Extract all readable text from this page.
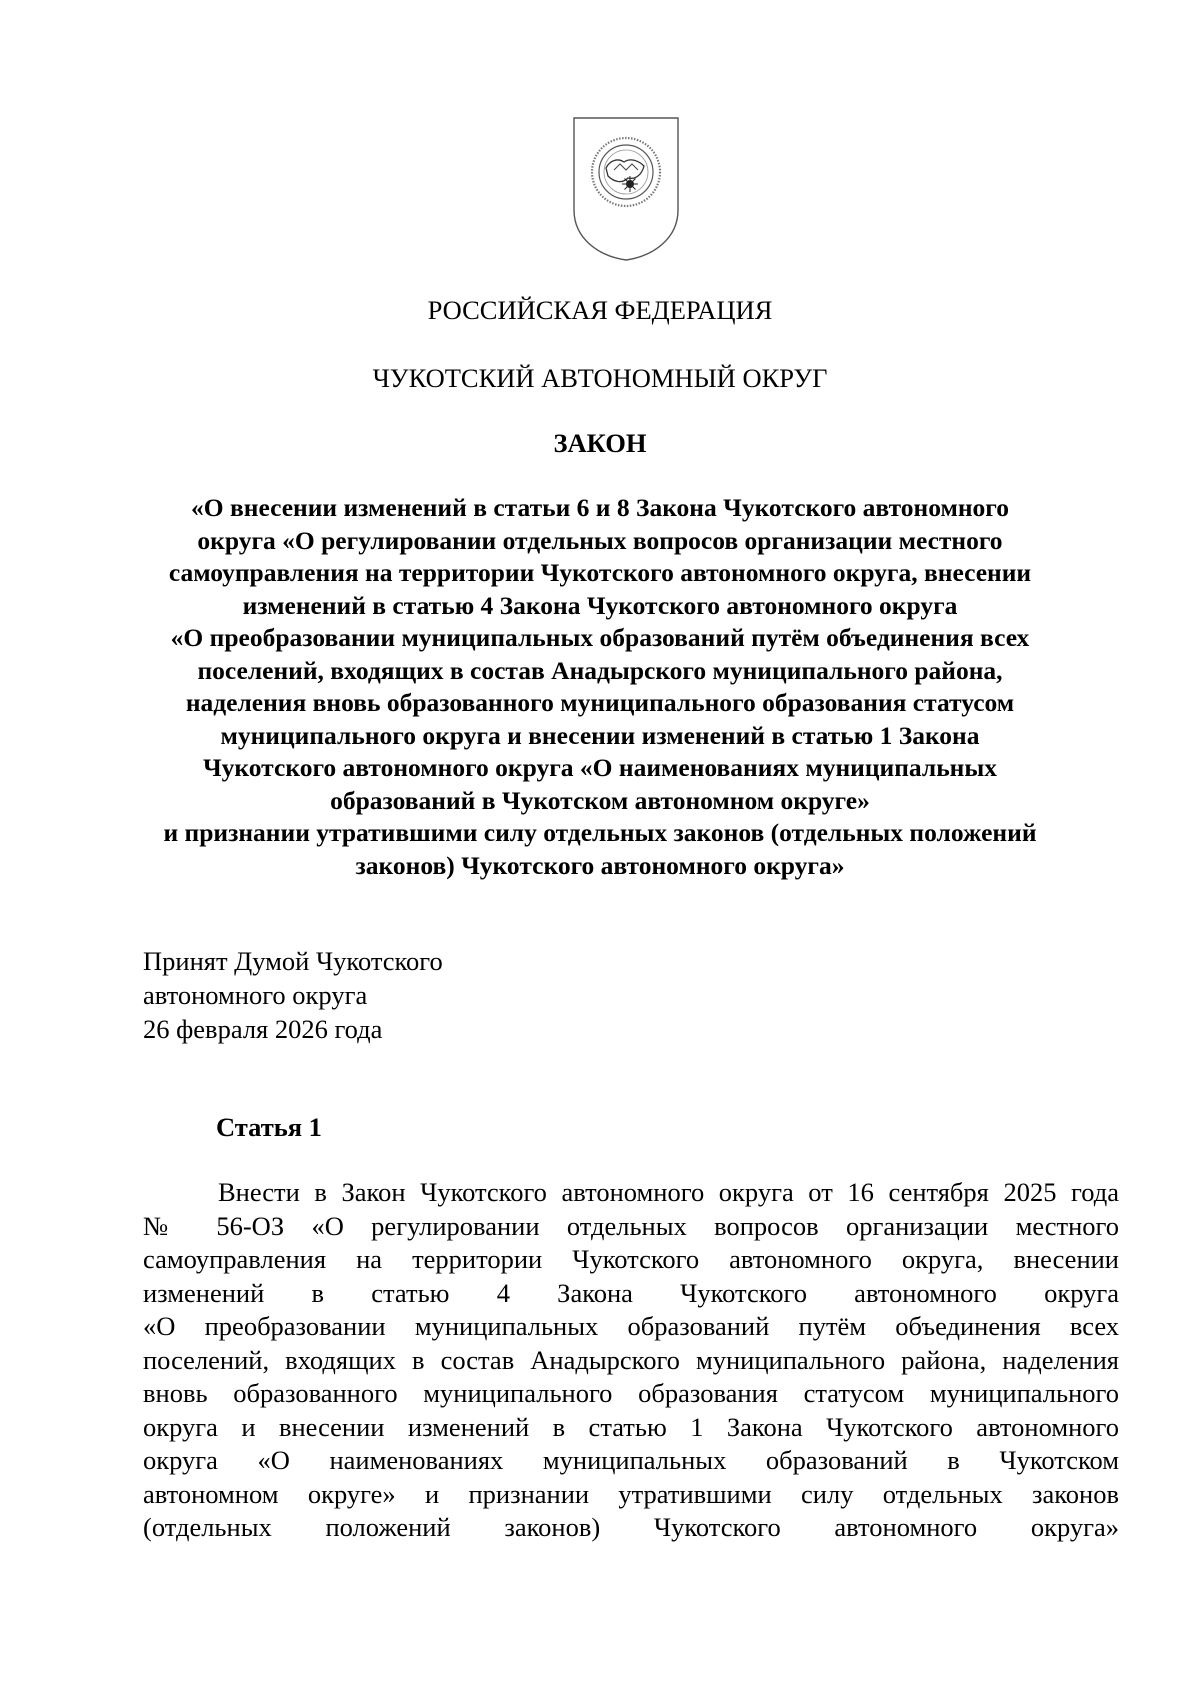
РОССИЙСКАЯ ФЕДЕРАЦИЯ
ЧУКОТСКИЙ АВТОНОМНЫЙ ОКРУГ
ЗАКОН
«О внесении изменений в статьи 6 и 8 Закона Чукотского автономного
округа «О регулировании отдельных вопросов организации местного
самоуправления на территории Чукотского автономного округа, внесении
изменений в статью 4 Закона Чукотского автономного округа
«О преобразовании муниципальных образований путём объединения всех
поселений, входящих в состав Анадырского муниципального района,
наделения вновь образованного муниципального образования статусом
муниципального округа и внесении изменений в статью 1 Закона
Чукотского автономного округа «О наименованиях муниципальных
образований в Чукотском автономном округе»
и признании утратившими силу отдельных законов (отдельных положений
законов) Чукотского автономного округа»
Принят Думой Чукотского
автономного округа
26 февраля 2026 года
Статья 1
Внести в Закон Чукотского автономного округа от 16 сентября 2025 года
№ 56-ОЗ «О регулировании отдельных вопросов организации местного
самоуправления на территории Чукотского автономного округа, внесении
изменений в статью 4 Закона Чукотского автономного округа
«О преобразовании муниципальных образований путём объединения всех
поселений, входящих в состав Анадырского муниципального района, наделения
вновь образованного муниципального образования статусом муниципального
округа и внесении изменений в статью 1 Закона Чукотского автономного
округа «О наименованиях муниципальных образований в Чукотском
автономном округе» и признании утратившими силу отдельных законов
(отдельных положений законов) Чукотского автономного округа»
